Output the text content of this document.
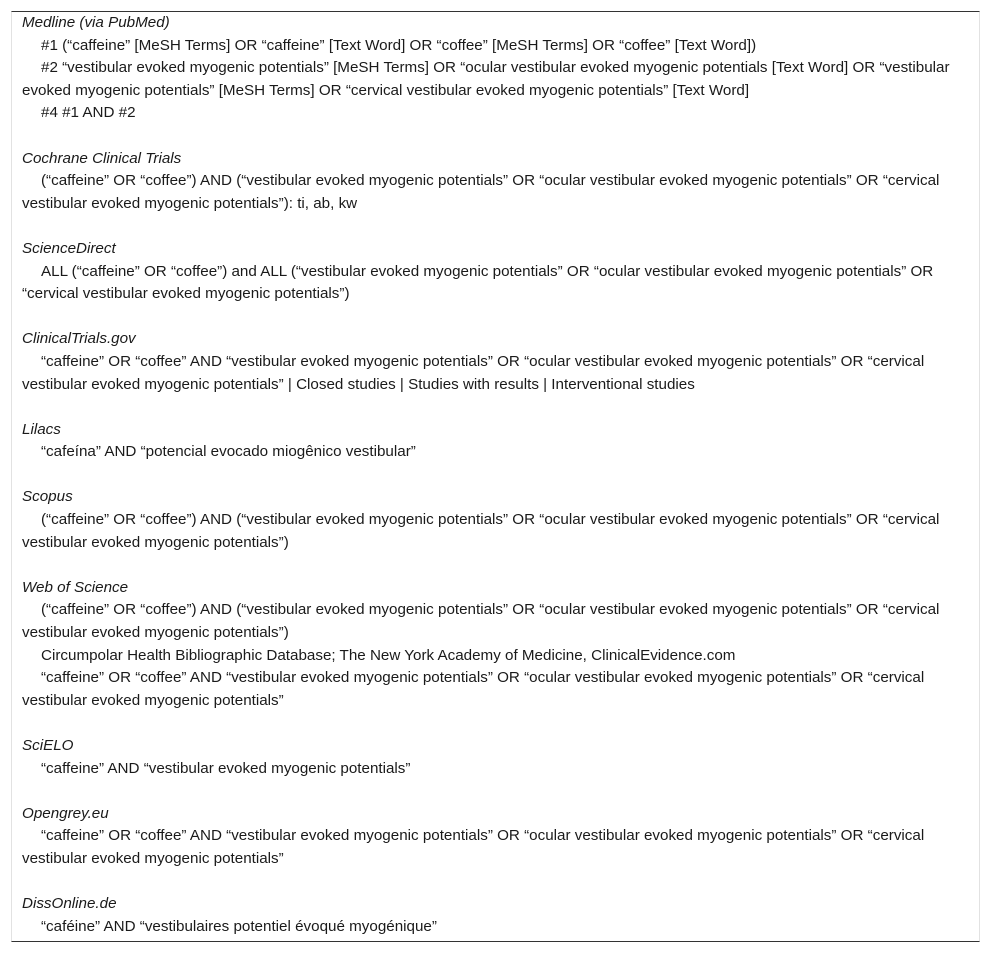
Medline (via PubMed)

#1 (“caffeine” [MeSH Terms] OR “caffeine” [Text Word] OR “coffee” [MeSH Terms] OR “coffee” [Text Word])

#2 “vestibular evoked myogenic potentials” [MeSH Terms] OR “ocular vestibular evoked myogenic potentials [Text Word] OR “vestibular evoked myogenic potentials” [MeSH Terms] OR “cervical vestibular evoked myogenic potentials” [Text Word]

#4 #1 AND #2

Cochrane Clinical Trials

(“caffeine” OR “coffee”) AND (“vestibular evoked myogenic potentials” OR “ocular vestibular evoked myogenic potentials” OR “cervical vestibular evoked myogenic potentials”): ti, ab, kw

ScienceDirect

ALL (“caffeine” OR “coffee”) and ALL (“vestibular evoked myogenic potentials” OR “ocular vestibular evoked myogenic potentials” OR “cervical vestibular evoked myogenic potentials”)

ClinicalTrials.gov

“caffeine” OR “coffee” AND “vestibular evoked myogenic potentials” OR “ocular vestibular evoked myogenic potentials” OR “cervical vestibular evoked myogenic potentials” | Closed studies | Studies with results | Interventional studies

Lilacs

“cafeína” AND “potencial evocado miogênico vestibular”

Scopus

(“caffeine” OR “coffee”) AND (“vestibular evoked myogenic potentials” OR “ocular vestibular evoked myogenic potentials” OR “cervical vestibular evoked myogenic potentials”)

Web of Science

(“caffeine” OR “coffee”) AND (“vestibular evoked myogenic potentials” OR “ocular vestibular evoked myogenic potentials” OR “cervical vestibular evoked myogenic potentials”)

Circumpolar Health Bibliographic Database; The New York Academy of Medicine, ClinicalEvidence.com

“caffeine” OR “coffee” AND “vestibular evoked myogenic potentials” OR “ocular vestibular evoked myogenic potentials” OR “cervical vestibular evoked myogenic potentials”

SciELO

“caffeine” AND “vestibular evoked myogenic potentials”

Opengrey.eu

“caffeine” OR “coffee” AND “vestibular evoked myogenic potentials” OR “ocular vestibular evoked myogenic potentials” OR “cervical vestibular evoked myogenic potentials”

DissOnline.de

“caféine” AND “vestibulaires potentiel évoqué myogénique”
